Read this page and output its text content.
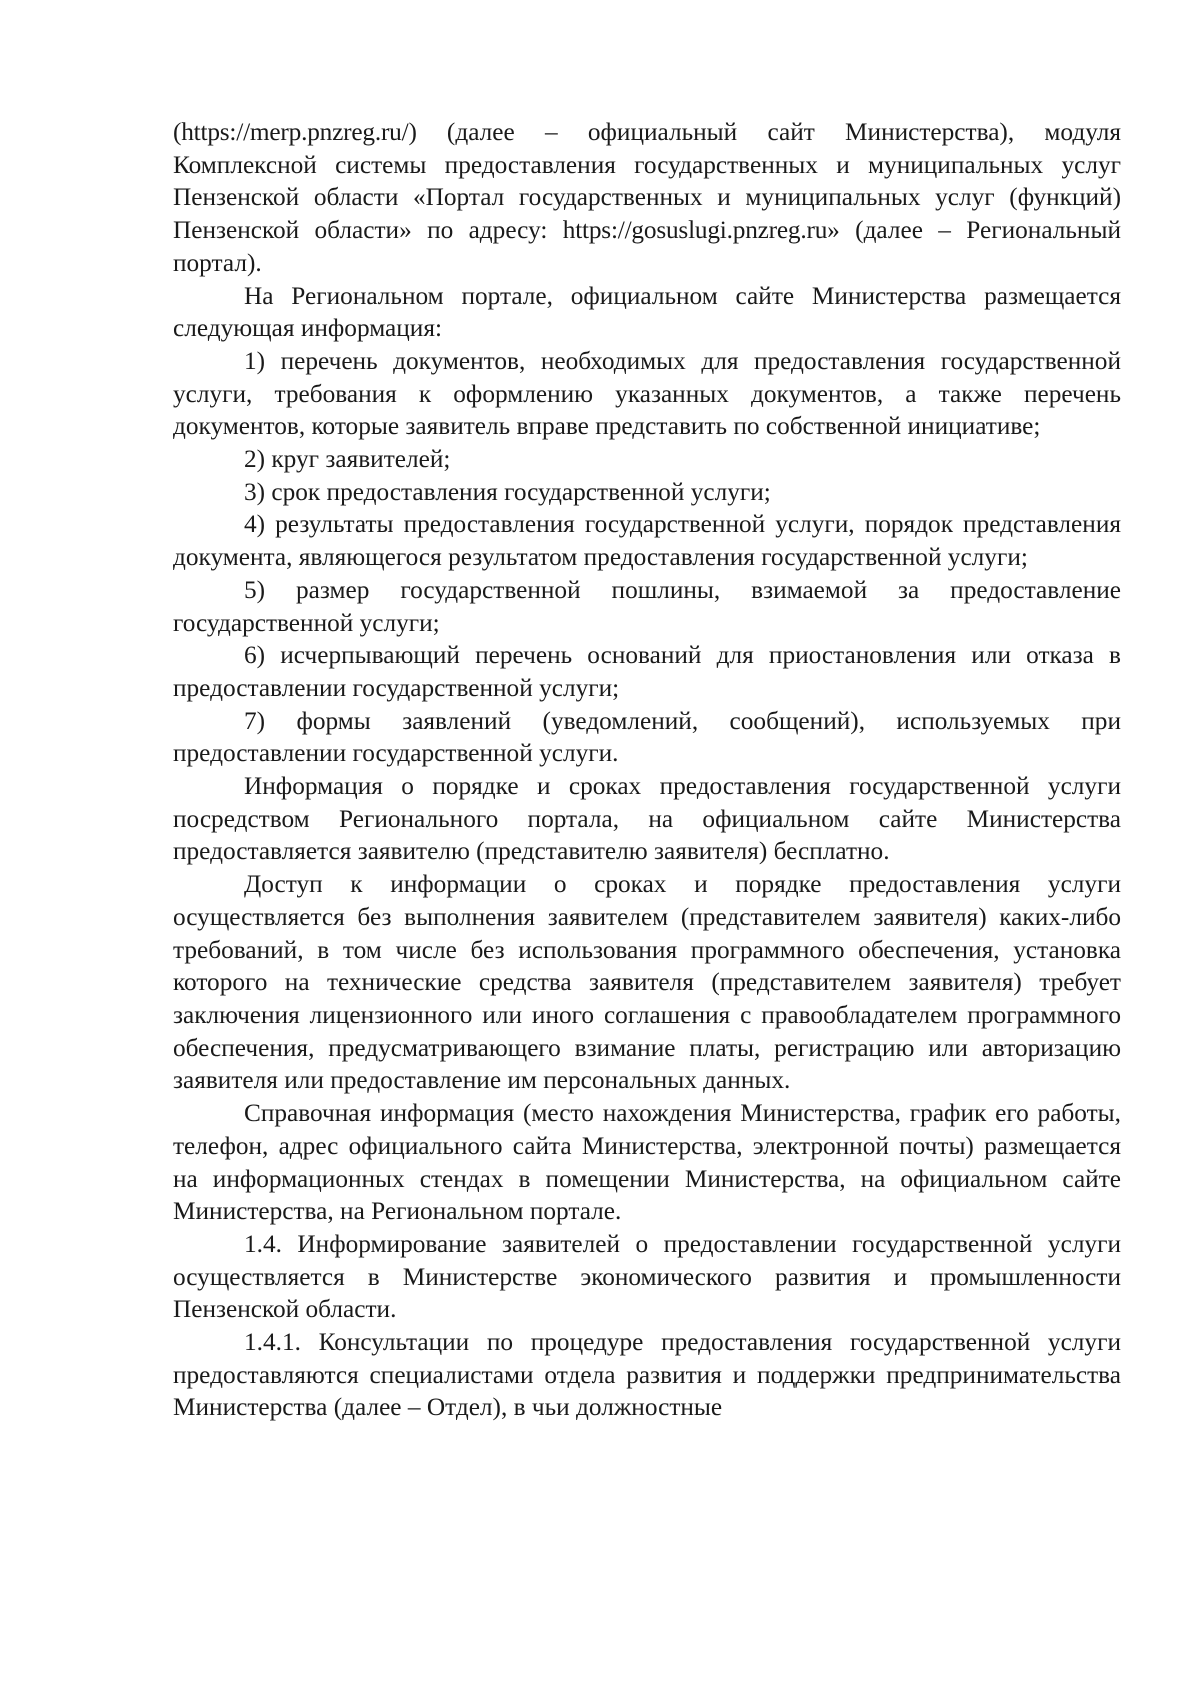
(https://merp.pnzreg.ru/) (далее – официальный сайт Министерства), модуля Комплексной системы предоставления государственных и муниципальных услуг Пензенской области «Портал государственных и муниципальных услуг (функций) Пензенской области» по адресу: https://gosuslugi.pnzreg.ru» (далее – Региональный портал).

На Региональном портале, официальном сайте Министерства размещается следующая информация:

1) перечень документов, необходимых для предоставления государственной услуги, требования к оформлению указанных документов, а также перечень документов, которые заявитель вправе представить по собственной инициативе;

2) круг заявителей;

3) срок предоставления государственной услуги;

4) результаты предоставления государственной услуги, порядок представления документа, являющегося результатом предоставления государственной услуги;

5) размер государственной пошлины, взимаемой за предоставление государственной услуги;

6) исчерпывающий перечень оснований для приостановления или отказа в предоставлении государственной услуги;

7) формы заявлений (уведомлений, сообщений), используемых при предоставлении государственной услуги.

Информация о порядке и сроках предоставления государственной услуги посредством Регионального портала, на официальном сайте Министерства предоставляется заявителю (представителю заявителя) бесплатно.

Доступ к информации о сроках и порядке предоставления услуги осуществляется без выполнения заявителем (представителем заявителя) каких-либо требований, в том числе без использования программного обеспечения, установка которого на технические средства заявителя (представителем заявителя) требует заключения лицензионного или иного соглашения с правообладателем программного обеспечения, предусматривающего взимание платы, регистрацию или авторизацию заявителя или предоставление им персональных данных.

Справочная информация (место нахождения Министерства, график его работы, телефон, адрес официального сайта Министерства, электронной почты) размещается на информационных стендах в помещении Министерства, на официальном сайте Министерства, на Региональном портале.

1.4. Информирование заявителей о предоставлении государственной услуги осуществляется в Министерстве экономического развития и промышленности Пензенской области.

1.4.1. Консультации по процедуре предоставления государственной услуги предоставляются специалистами отдела развития и поддержки предпринимательства Министерства (далее – Отдел), в чьи должностные
